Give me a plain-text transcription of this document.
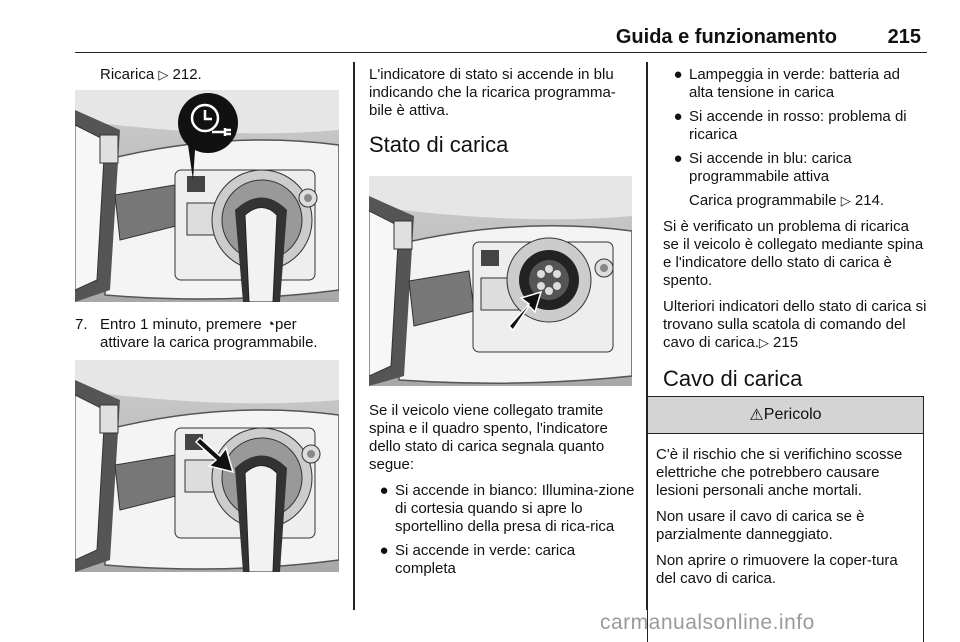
Guida e funzionamento	215

Ricarica ▷ 212.

7. Entro 1 minuto, premere ◔per attivare la carica programmabile.

L'indicatore di stato si accende in blu indicando che la ricarica programma-bile è attiva.

Stato di carica

Se il veicolo viene collegato tramite spina e il quadro spento, l'indicatore dello stato di carica segnala quanto segue:

● Si accende in bianco: Illumina-zione di cortesia quando si apre lo sportellino della presa di rica-rica
● Si accende in verde: carica completa
● Lampeggia in verde: batteria ad alta tensione in carica
● Si accende in rosso: problema di ricarica
● Si accende in blu: carica programmabile attiva

Carica programmabile ▷ 214.

Si è verificato un problema di ricarica se il veicolo è collegato mediante spina e l'indicatore dello stato di carica è spento.

Ulteriori indicatori dello stato di carica si trovano sulla scatola di comando del cavo di carica.▷ 215

Cavo di carica
⚠ Pericolo

C'è il rischio che si verifichino scosse elettriche che potrebbero causare lesioni personali anche mortali.

Non usare il cavo di carica se è parzialmente danneggiato.

Non aprire o rimuovere la coper-tura del cavo di carica.

carmanualsonline.info
